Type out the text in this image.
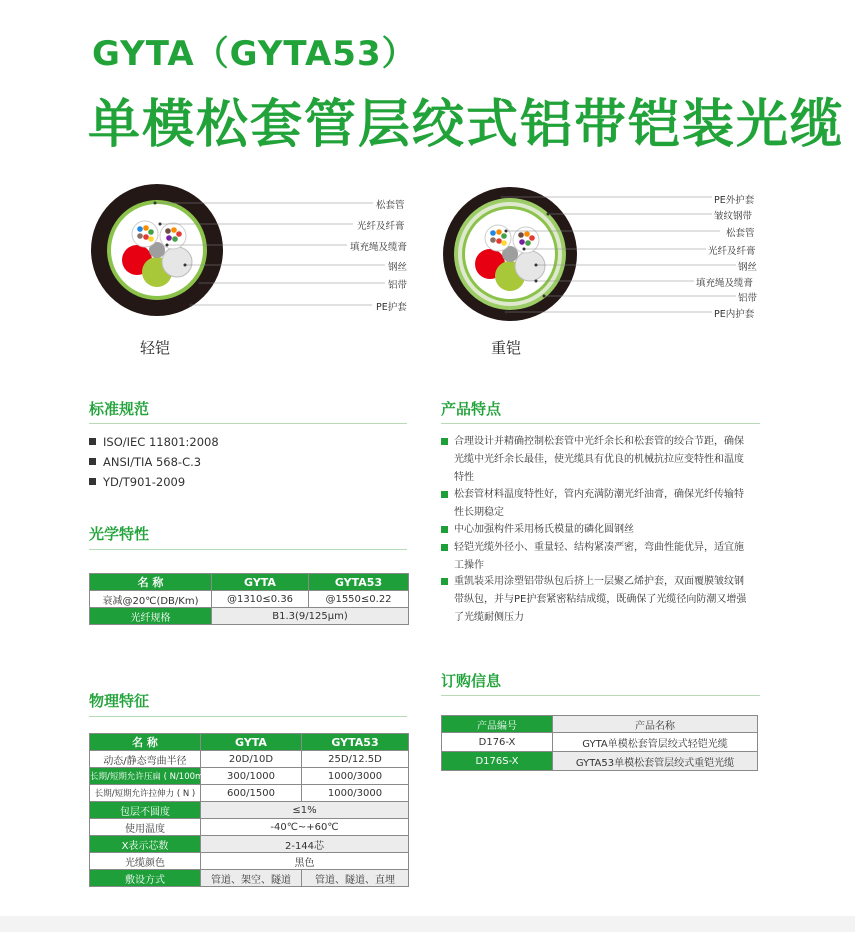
GYTA（GYTA53）
单模松套管层绞式铝带铠装光缆
松套管
光纤及纤膏
填充绳及缆膏
钢丝
铝带
PE护套
轻铠
PE外护套
皱纹钢带
松套管
光纤及纤膏
钢丝
填充绳及缆膏
铝带
PE内护套
重铠
标准规范
ISO/IEC 11801:2008
ANSI/TIA 568-C.3
YD/T901-2009
光学特性
名 称	GYTA	GYTA53
衰减@20℃(DB/Km)	@1310≤0.36	@1550≤0.22
光纤规格	B1.3(9/125μm)	
物理特征
名 称	GYTA	GYTA53
动态/静态弯曲半径	20D/10D	25D/12.5D
长期/短期允许压扁 ( N/100mm )	300/1000	1000/3000
长期/短期允许拉伸力 ( N )	600/1500	1000/3000
包层不圆度	≤1%	
使用温度	-40℃~+60℃	
X表示芯数	2-144芯	
光缆颜色	黑色	
敷设方式	管道、架空、隧道	管道、隧道、直埋
产品特点
合理设计并精确控制松套管中光纤余长和松套管的绞合节距，确保
光缆中光纤余长最佳，使光缆具有优良的机械抗拉应变特性和温度
特性
松套管材料温度特性好，管内充满防潮光纤油膏，确保光纤传输特
性长期稳定
中心加强构件采用杨氏模量的磷化圆钢丝
轻铠光缆外径小、重量轻、结构紧凑严密，弯曲性能优异，适宜施
工操作
重凯装采用涂塑铝带纵包后挤上一层聚乙烯护套，双面覆膜皱纹钢
带纵包，并与PE护套紧密粘结成缆，既确保了光缆径向防潮又增强
了光缆耐侧压力
订购信息
产品编号	产品名称
D176-X	GYTA单模松套管层绞式轻铠光缆
D176S-X	GYTA53单模松套管层绞式重铠光缆
